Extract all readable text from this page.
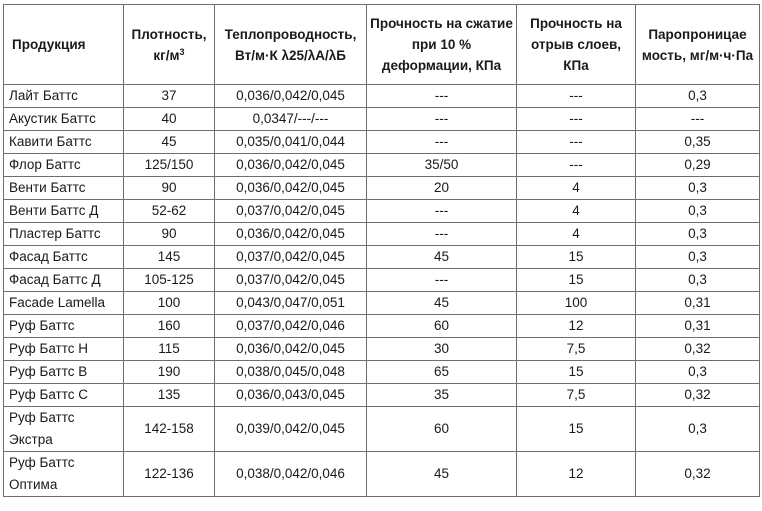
Продукция	Плотность, $кг/м^3$	Теплопроводность, Вт/м·К λ25/λА/λБ	Прочность на сжатие при 10 % деформации, КПа	Прочность на отрыв слоев, КПа	Паропроницае мость, мг/м·ч·Па
Лайт Баттс	37	0,036/0,042/0,045	---	---	0,3
Акустик Баттс	40	0,0347/---/---	---	---	---
Кавити Баттс	45	0,035/0,041/0,044	---	---	0,35
Флор Баттс	125/150	0,036/0,042/0,045	35/50	---	0,29
Венти Баттс	90	0,036/0,042/0,045	20	4	0,3
Венти Баттс Д	52-62	0,037/0,042/0,045	---	4	0,3
Пластер Баттс	90	0,036/0,042/0,045	---	4	0,3
Фасад Баттс	145	0,037/0,042/0,045	45	15	0,3
Фасад Баттс Д	105-125	0,037/0,042/0,045	---	15	0,3
Facade Lamella	100	0,043/0,047/0,051	45	100	0,31
Руф Баттс	160	0,037/0,042/0,046	60	12	0,31
Руф Баттс Н	115	0,036/0,042/0,045	30	7,5	0,32
Руф Баттс В	190	0,038/0,045/0,048	65	15	0,3
Руф Баттс С	135	0,036/0,043/0,045	35	7,5	0,32
Руф Баттс Экстра	142-158	0,039/0,042/0,045	60	15	0,3
Руф Баттс Оптима	122-136	0,038/0,042/0,046	45	12	0,32
